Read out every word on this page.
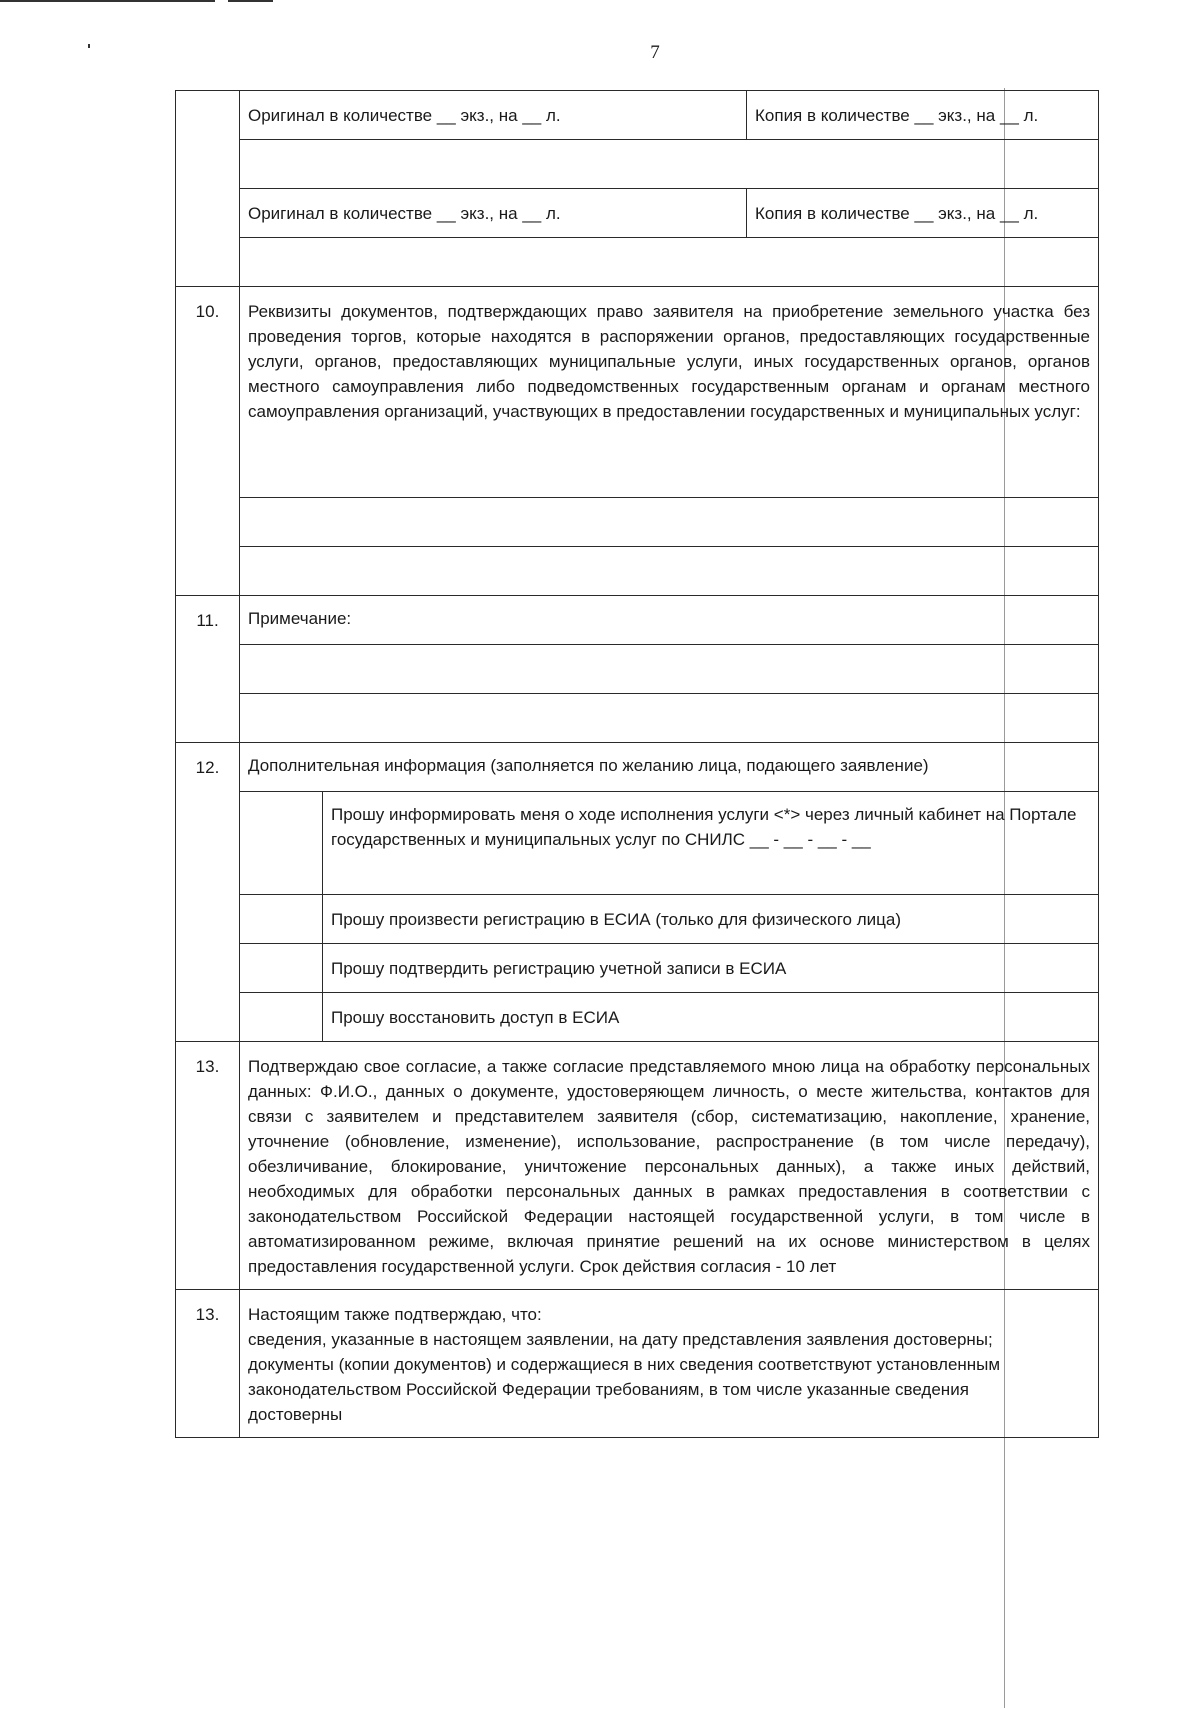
7

Оригинал в количестве __ экз., на __ л. Копия в количестве __ экз., на __ л.

Оригинал в количестве __ экз., на __ л. Копия в количестве __ экз., на __ л.

10.	Реквизиты документов, подтверждающих право заявителя на приобретение земельного участка без проведения торгов, которые находятся в распоряжении органов, предоставляющих государственные услуги, органов, предоставляющих муниципальные услуги, иных государственных органов, органов местного самоуправления либо подведомственных государственным органам и органам местного самоуправления организаций, участвующих в предоставлении государственных и муниципальных услуг:

11.	Примечание:

12.	Дополнительная информация (заполняется по желанию лица, подающего заявление)

	Прошу информировать меня о ходе исполнения услуги <*> через личный кабинет на Портале государственных и муниципальных услуг по СНИЛС __ - __ - __ - __
Прошу произвести регистрацию в ЕСИА (только для физического лица)
Прошу подтвердить регистрацию учетной записи в ЕСИА
Прошу восстановить доступ в ЕСИА

13.	Подтверждаю свое согласие, а также согласие представляемого мною лица на обработку персональных данных: Ф.И.О., данных о документе, удостоверяющем личность, о месте жительства, контактов для связи с заявителем и представителем заявителя (сбор, систематизацию, накопление, хранение, уточнение (обновление, изменение), использование, распространение (в том числе передачу), обезличивание, блокирование, уничтожение персональных данных), а также иных действий, необходимых для обработки персональных данных в рамках предоставления в соответствии с законодательством Российской Федерации настоящей государственной услуги, в том числе в автоматизированном режиме, включая принятие решений на их основе министерством в целях предоставления государственной услуги. Срок действия согласия - 10 лет
13.	Настоящим также подтверждаю, что:

сведения, указанные в настоящем заявлении, на дату представления заявления достоверны;

документы (копии документов) и содержащиеся в них сведения соответствуют установленным законодательством Российской Федерации требованиям, в том числе указанные сведения достоверны
